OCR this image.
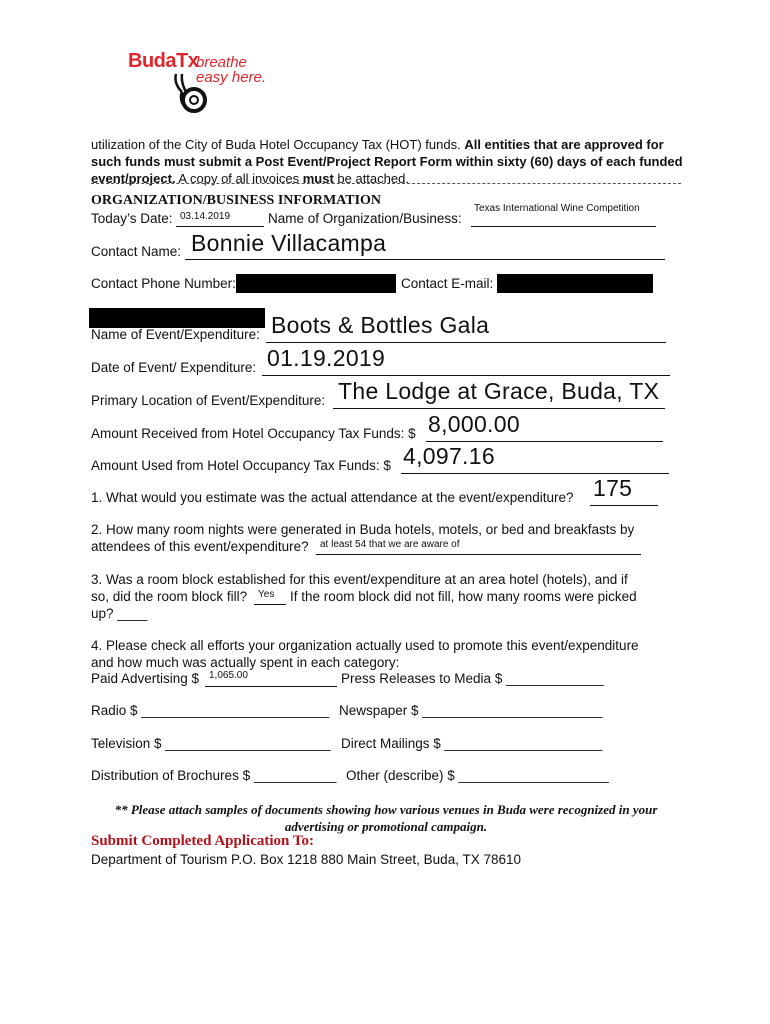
BudaTx
breathe
easy here.
utilization of the City of Buda Hotel Occupancy Tax (HOT) funds. All entities that are approved for such funds must submit a Post Event/Project Report Form within sixty (60) days of each funded event/project. A copy of all invoices must be attached.
ORGANIZATION/BUSINESS INFORMATION
Today’s Date: 03.14.2019	Name of Organization/Business:
Texas International Wine Competition
Contact Name: Bonnie Villacampa
Contact Phone Number:	Contact E-mail:
Name of Event/Expenditure: Boots & Bottles Gala
Date of Event/ Expenditure: 01.19.2019
Primary Location of Event/Expenditure: The Lodge at Grace, Buda, TX
Amount Received from Hotel Occupancy Tax Funds: $ 8,000.00
Amount Used from Hotel Occupancy Tax Funds: $ 4,097.16
1. What would you estimate was the actual attendance at the event/expenditure? 175
2. How many room nights were generated in Buda hotels, motels, or bed and breakfasts by
attendees of this event/expenditure? at least 54 that we are aware of
3. Was a room block established for this event/expenditure at an area hotel (hotels), and if
so, did the room block fill? Yes If the room block did not fill, how many rooms were picked
up? ____
4. Please check all efforts your organization actually used to promote this event/expenditure
and how much was actually spent in each category:
Paid Advertising $ 1,065.00	Press Releases to Media $ _____________
Radio $ _________________________ Newspaper $ ________________________
Television $ ______________________ Direct Mailings $ _____________________
Distribution of Brochures $ ___________ Other (describe) $ ____________________
** Please attach samples of documents showing how various venues in Buda were recognized in your advertising or promotional campaign.
Submit Completed Application To:
Department of Tourism P.O. Box 1218 880 Main Street, Buda, TX 78610
